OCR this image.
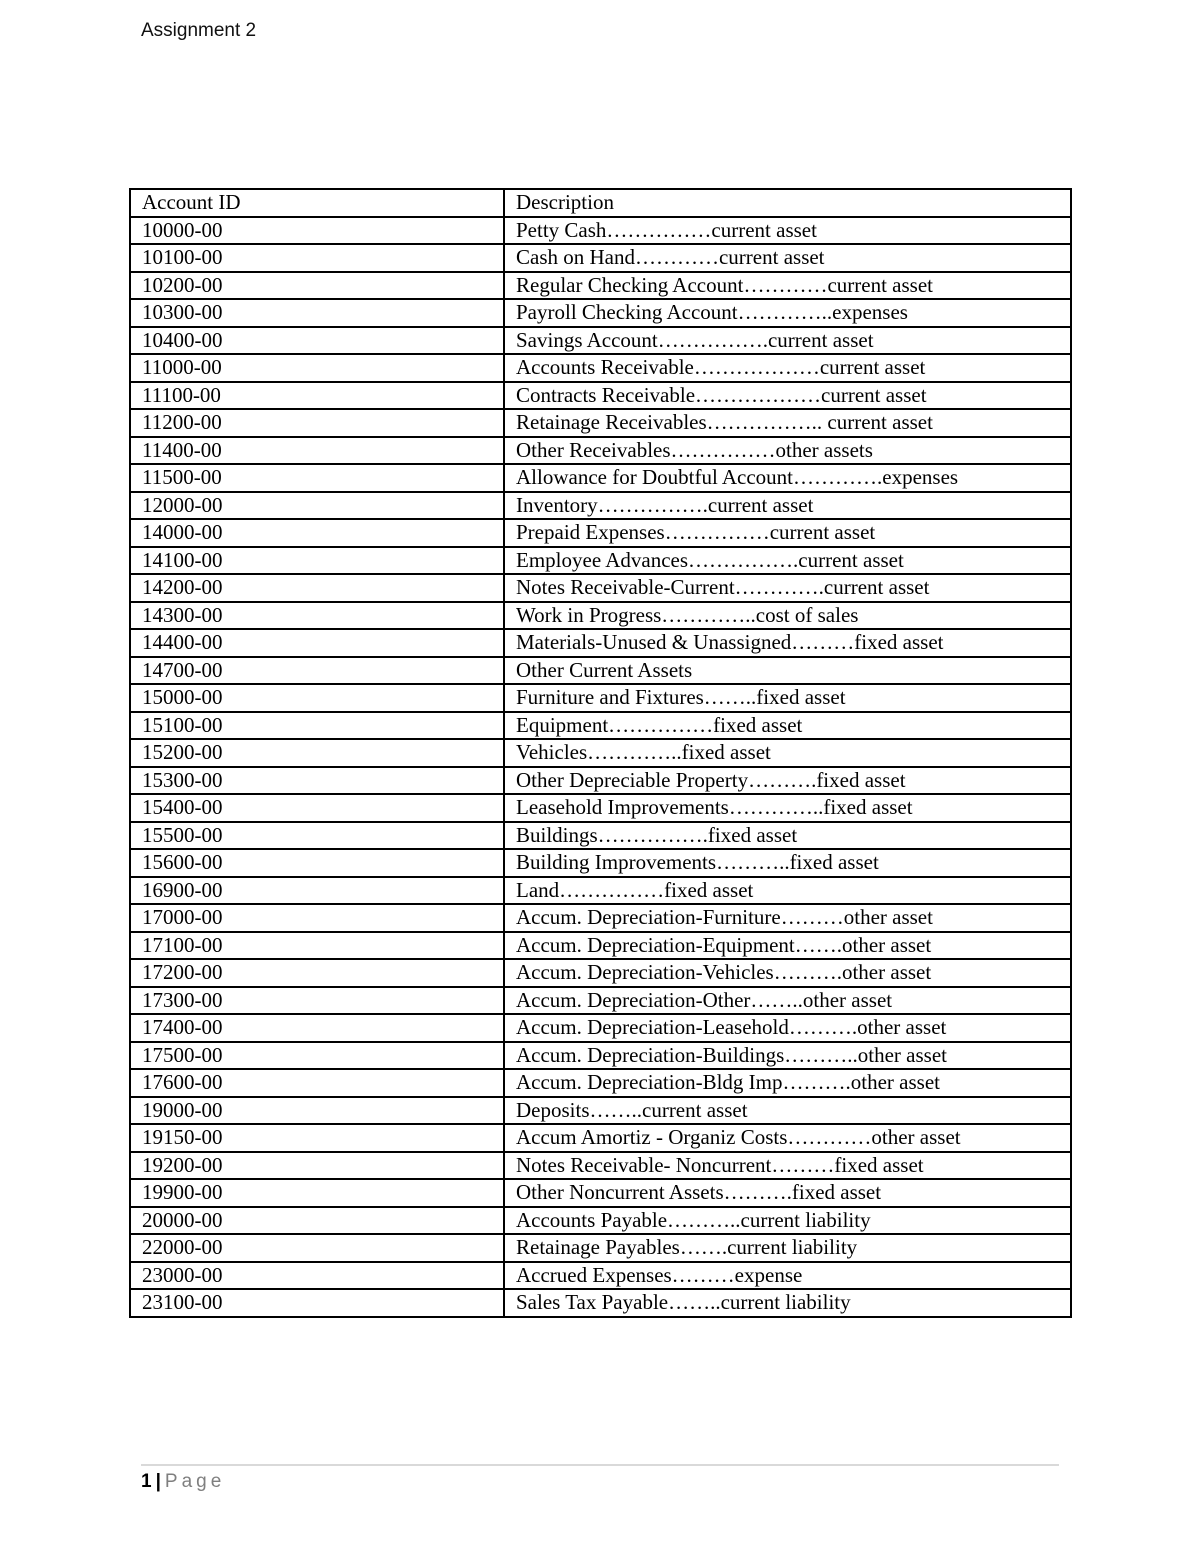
Assignment 2
Account ID	Description
10000-00	Petty Cash……………current asset
10100-00	Cash on Hand…………current asset
10200-00	Regular Checking Account…………current asset
10300-00	Payroll Checking Account…………..expenses
10400-00	Savings Account…………….current asset
11000-00	Accounts Receivable………………current asset
11100-00	Contracts Receivable………………current asset
11200-00	Retainage Receivables…………….. current asset
11400-00	Other Receivables……………other assets
11500-00	Allowance for Doubtful Account………….expenses
12000-00	Inventory…………….current asset
14000-00	Prepaid Expenses……………current asset
14100-00	Employee Advances…………….current asset
14200-00	Notes Receivable-Current………….current asset
14300-00	Work in Progress…………..cost of sales
14400-00	Materials-Unused & Unassigned………fixed asset
14700-00	Other Current Assets
15000-00	Furniture and Fixtures……..fixed asset
15100-00	Equipment……………fixed asset
15200-00	Vehicles…………..fixed asset
15300-00	Other Depreciable Property……….fixed asset
15400-00	Leasehold Improvements…………..fixed asset
15500-00	Buildings…………….fixed asset
15600-00	Building Improvements………..fixed asset
16900-00	Land……………fixed asset
17000-00	Accum. Depreciation-Furniture………other asset
17100-00	Accum. Depreciation-Equipment…….other asset
17200-00	Accum. Depreciation-Vehicles……….other asset
17300-00	Accum. Depreciation-Other……..other asset
17400-00	Accum. Depreciation-Leasehold……….other asset
17500-00	Accum. Depreciation-Buildings………..other asset
17600-00	Accum. Depreciation-Bldg Imp……….other asset
19000-00	Deposits……..current asset
19150-00	Accum Amortiz - Organiz Costs…………other asset
19200-00	Notes Receivable- Noncurrent………fixed asset
19900-00	Other Noncurrent Assets……….fixed asset
20000-00	Accounts Payable………..current liability
22000-00	Retainage Payables…….current liability
23000-00	Accrued Expenses………expense
23100-00	Sales Tax Payable……..current liability
1 | Page
